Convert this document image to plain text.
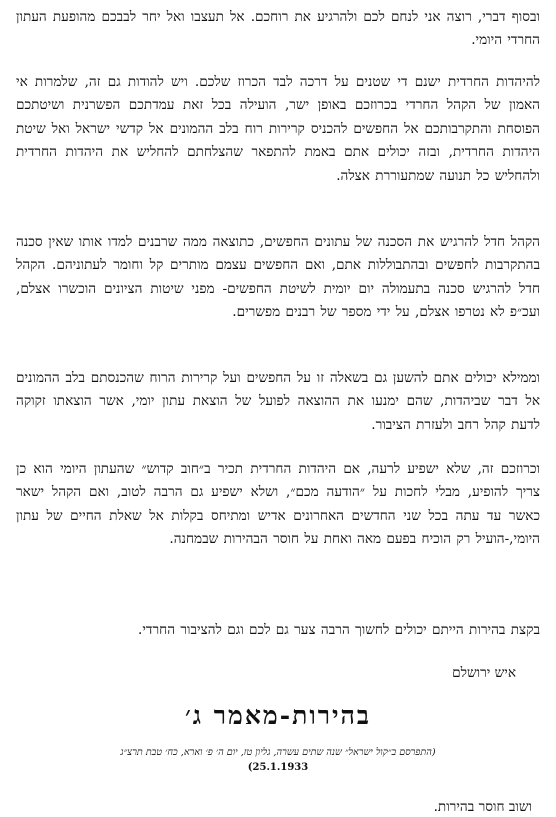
ובסוף דברי, רוצה אני לנחם לכם ולהרגיע את רוחכם. אל תעצבו ואל יחר לבבכם מהופעת העתון החרדי היומי.

להיהדות החרדית ישנם די שטנים על דרכה לבד הכרוז שלכם. ויש להודות גם זה, שלמרות אי האמון של הקהל החרדי בכרוזכם באופן ישר, הועילה בכל זאת עמדתכם הפשרנית ושיטתכם הפוסחת והתקרבותכם אל החפשים להכניס קרירות רוח בלב ההמונים אל קדשי ישראל ואל שיטת היהדות החרדית, ובזה יכולים אתם באמת להתפאר שהצלחתם להחליש את היהדות החרדית ולהחליש כל תנועה שמתעוררת אצלה.

הקהל חדל להרגיש את הסכנה של עתונים החפשים, כתוצאה ממה שרבנים למדו אותו שאין סכנה בהתקרבות לחפשים ובהתבוללות אתם, ואם החפשים עצמם מותרים קל וחומר לעתוניהם. הקהל חדל להרגיש סכנה בתעמולה יום יומית לשיטת החפשים- מפני שיטות הציונים הוכשרו אצלם, ועכ״פ לא נטרפו אצלם, על ידי מספר של רבנים מפשרים.

וממילא יכולים אתם להשען גם בשאלה זו על החפשים ועל קרירות הרוח שהכנסתם בלב ההמונים אל דבר שביהדות, שהם ימנעו את ההוצאה לפועל של הוצאת עתון יומי, אשר הוצאתו זקוקה לדעת קהל רחב ולעזרת הציבור.

וכרוזכם זה, שלא ישפיע לרעה, אם היהדות החרדית תכיר ב״חוב קדוש״ שהעתון היומי הוא כן צריך להופיע, מבלי לחכות על ״הודעה מכם״, ושלא ישפיע גם הרבה לטוב, ואם הקהל ישאר כאשר עד עתה בכל שני החדשים האחרונים אדיש ומתיחס בקלות אל שאלת החיים של עתון היומי,-הועיל רק הוכיח בפעם מאה ואחת על חוסר הבהירות שבמחנה.

בקצת בהירות הייתם יכולים לחשוך הרבה צער גם לכם וגם להציבור החרדי.

איש ירושלם
בהירות-מאמר ג׳
(התפרסם ב״קול ישראל״ שנה שתים עשרה, גליון טז, יום ה׳ פ׳ וארא, כח׳ טבת תרצ״ג
(25.1.1933
ושוב חוסר בהירות.
